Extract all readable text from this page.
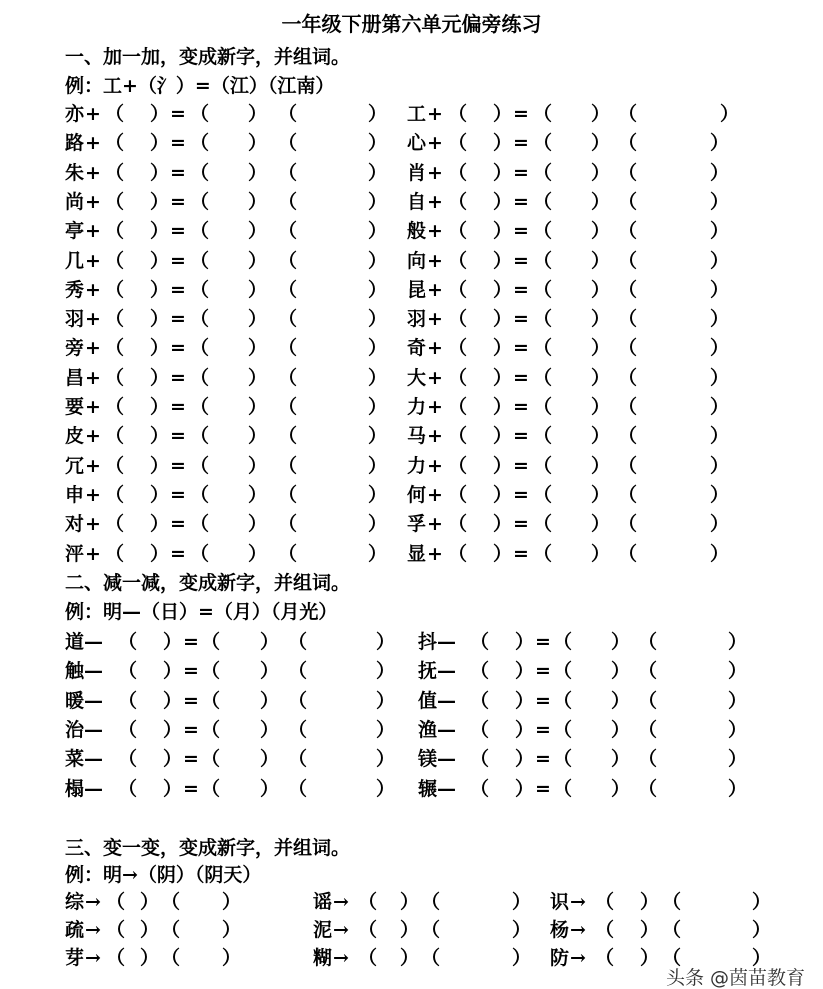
一年级下册第六单元偏旁练习
一、加一加，变成新字，并组词。
例：工+（氵）=（江）（江南）
二、减一减，变成新字，并组词。
例：明—（日）=（月）（月光）
三、变一变，变成新字，并组词。
例：明→（阴）（阴天）
头条 @茵苗教育
亦 + （ ） = （ ） （	） 工 + （ ） = （ ） （	）
路 + （ ） = （ ） （	） 心 + （ ） = （ ） （	）
朱 + （ ） = （ ） （	） 肖 + （ ） = （ ） （	）
尚 + （ ） = （ ） （	） 自 + （ ） = （ ） （	）
亭 + （ ） = （ ） （	） 般 + （ ） = （ ） （	）
几 + （ ） = （ ） （	） 向 + （ ） = （ ） （	）
秀 + （ ） = （ ） （	） 昆 + （ ） = （ ） （	）
羽 + （ ） = （ ） （	） 羽 + （ ） = （ ） （	）
旁 + （ ） = （ ） （	） 奇 + （ ） = （ ） （	）
昌 + （ ） = （ ） （	） 大 + （ ） = （ ） （	）
要 + （ ） = （ ） （	） 力 + （ ） = （ ） （	）
皮 + （ ） = （ ） （	） 马 + （ ） = （ ） （	）
冗 + （ ） = （ ） （	） 力 + （ ） = （ ） （	）
申 + （ ） = （ ） （	） 何 + （ ） = （ ） （	）
对 + （ ） = （ ） （	） 孚 + （ ） = （ ） （	）
泙 + （ ） = （ ） （	） 显 + （ ） = （ ） （	）
道 — （ ） = （ ） （	） 抖 — （ ） = （ ） （	）
触 — （ ） = （ ） （	） 抚 — （ ） = （ ） （	）
暖 — （ ） = （ ） （	） 值 — （ ） = （ ） （	）
治 — （ ） = （ ） （	） 渔 — （ ） = （ ） （	）
菜 — （ ） = （ ） （	） 镁 — （ ） = （ ） （	）
榻 — （ ） = （ ） （	） 辗 — （ ） = （ ） （	）
综 → （ ） （ ）	谣 → （ ） （	） 识 → （ ） （	）
疏 → （ ） （ ）	泥 → （ ） （	） 杨 → （ ） （	）
芽 → （ ） （ ）	糊 → （ ） （	） 防 → （ ） （	）
